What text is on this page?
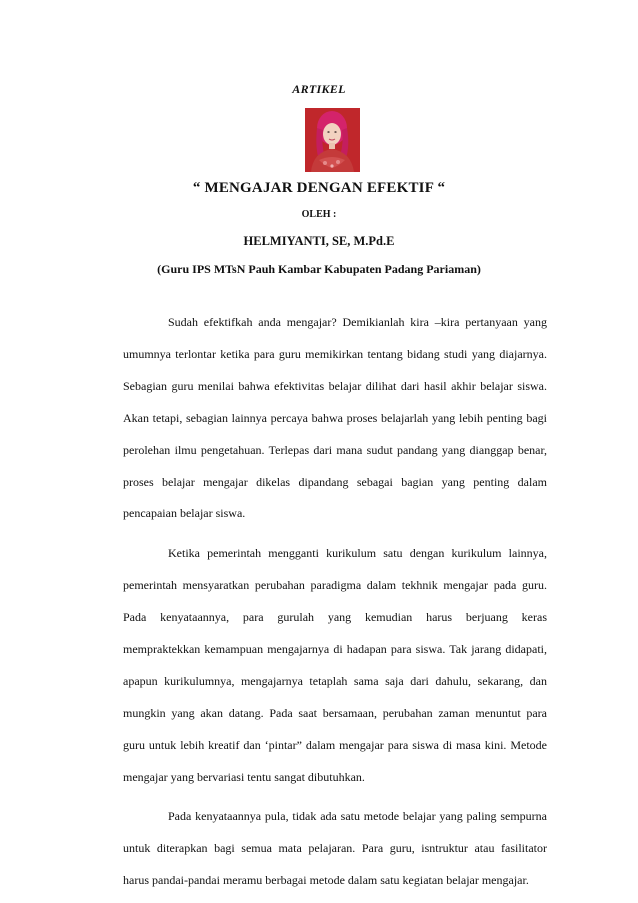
ARTIKEL
“ MENGAJAR DENGAN EFEKTIF “
OLEH :
HELMIYANTI, SE, M.Pd.E
(Guru IPS MTsN Pauh Kambar Kabupaten Padang Pariaman)
Sudah efektifkah anda mengajar? Demikianlah kira –kira pertanyaan yang
umumnya terlontar ketika para guru memikirkan tentang bidang studi yang diajarnya.
Sebagian guru menilai bahwa efektivitas belajar dilihat dari hasil akhir belajar siswa.
Akan tetapi, sebagian lainnya percaya bahwa proses belajarlah yang lebih penting bagi
perolehan ilmu pengetahuan. Terlepas dari mana sudut pandang yang dianggap benar,
proses belajar mengajar dikelas dipandang sebagai bagian yang penting dalam
pencapaian belajar siswa.
Ketika pemerintah mengganti kurikulum satu dengan kurikulum lainnya,
pemerintah mensyaratkan perubahan paradigma dalam tekhnik mengajar pada guru.
Pada kenyataannya, para gurulah yang kemudian harus berjuang keras
mempraktekkan kemampuan mengajarnya di hadapan para siswa. Tak jarang didapati,
apapun kurikulumnya, mengajarnya tetaplah sama saja dari dahulu, sekarang, dan
mungkin yang akan datang. Pada saat bersamaan, perubahan zaman menuntut para
guru untuk lebih kreatif dan ‘pintar” dalam mengajar para siswa di masa kini. Metode
mengajar yang bervariasi tentu sangat dibutuhkan.
Pada kenyataannya pula, tidak ada satu metode belajar yang paling sempurna
untuk diterapkan bagi semua mata pelajaran. Para guru, isntruktur atau fasilitator
harus pandai-pandai meramu berbagai metode dalam satu kegiatan belajar mengajar.
